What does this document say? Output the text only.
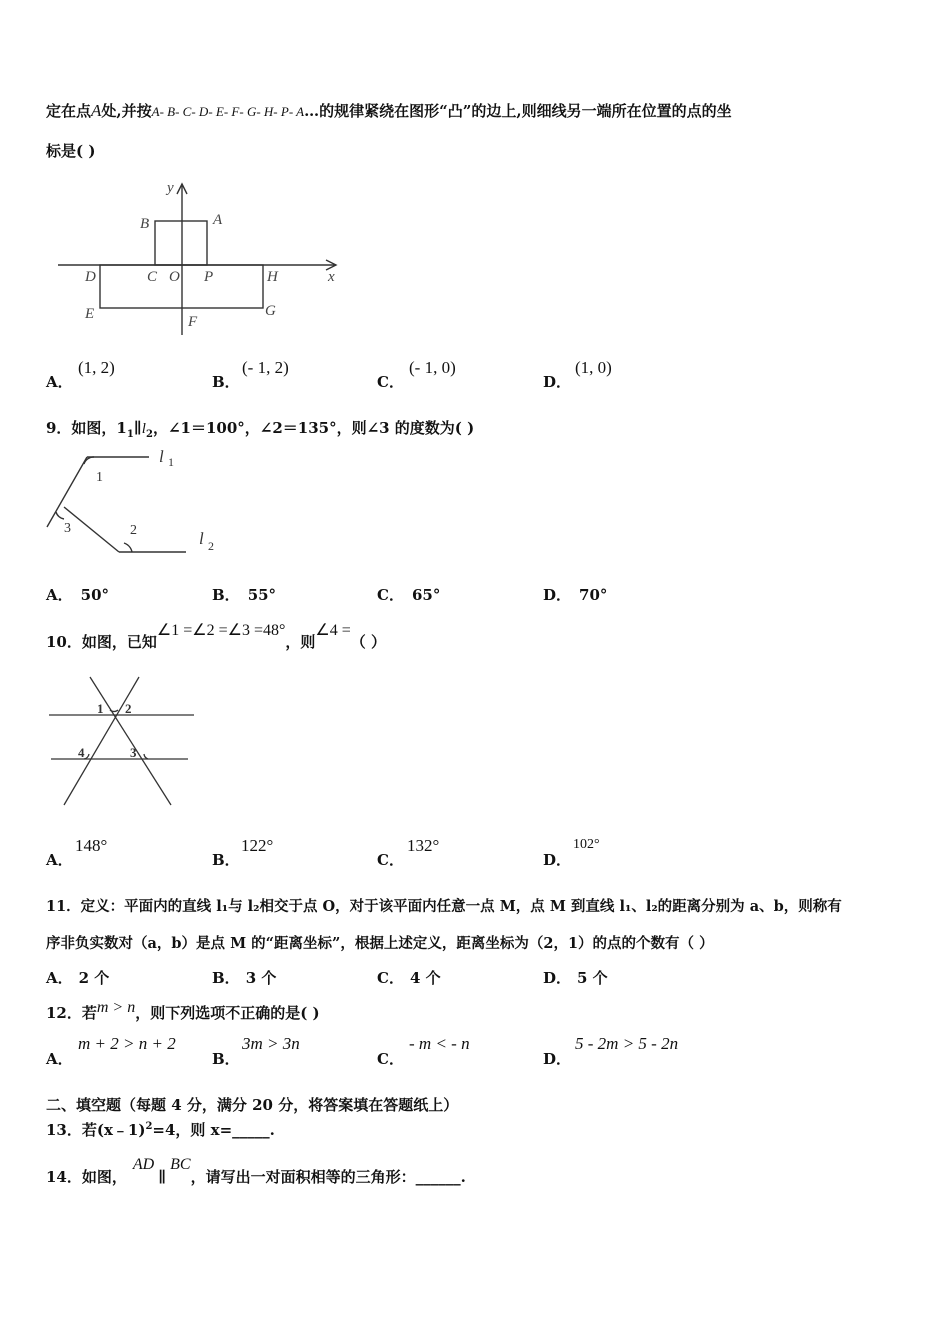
定在点A处,并按A- B- C- D- E- F- G- H- P- A…的规律紧绕在图形“凸”的边上,则细线另一端所在位置的点的坐
标是( )
y
x
A
B
C O P
D	H
E	F
G
A．
(1, 2)
B．
(- 1, 2)
C．
(- 1, 0)
D．
(1, 0)
9．如图，$1_1\parallel l_2$，∠1＝100°，∠2＝135°，则∠3 的度数为( )
l 1
l 2
1
2
3
A． 50°	B． 55°	C． 65°	D． 70°
10．如图，已知∠1 =∠2 =∠3 =48°，则∠4 =（ ）
1 2
3
4
A．
148°
B．
122°
C．
132°
D．
102°
11．定义：平面内的直线 l₁与 l₂相交于点 O，对于该平面内任意一点 M，点 M 到直线 l₁、l₂的距离分别为 a、b，则称有
序非负实数对（a，b）是点 M 的“距离坐标”，根据上述定义，距离坐标为（2，1）的点的个数有（ ）
A． 2 个	B． 3 个	C． 4 个	D． 5 个
12．若m > n，则下列选项不正确的是( )
A．
m + 2 > n + 2
B．
3m > 3n
C．
- m < - n
D．
5 - 2m > 5 - 2n
二、填空题（每题 4 分，满分 20 分，将答案填在答题纸上）
13．若(x﹣1)$^2$=4，则 x=_____.
14．如图，AD∥BC，请写出一对面积相等的三角形：______.
